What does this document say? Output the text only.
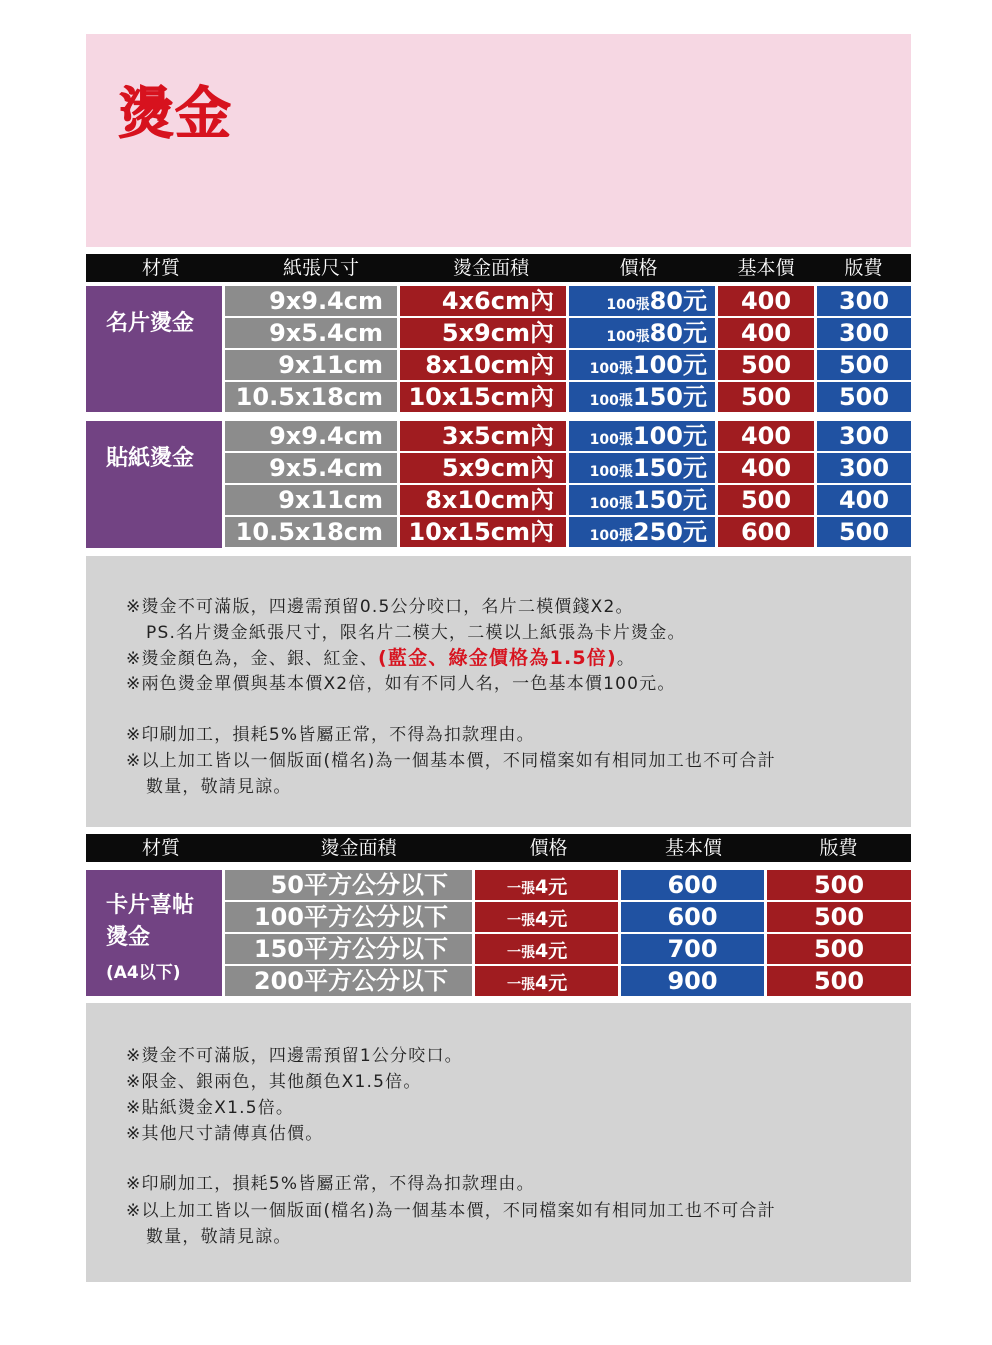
燙金
材質	紙張尺寸	燙金面積	價格	基本價	版費
名片燙金
9x9.4cm	4x6cm內	100張80元	400	300
9x5.4cm	5x9cm內	100張80元	400	300
9x11cm	8x10cm內	100張100元	500	500
10.5x18cm	10x15cm內	100張150元	500	500
貼紙燙金
9x9.4cm	3x5cm內	100張100元	400	300
9x5.4cm	5x9cm內	100張150元	400	300
9x11cm	8x10cm內	100張150元	500	400
10.5x18cm	10x15cm內	100張250元	600	500
※燙金不可滿版，四邊需預留0.5公分咬口，名片二模價錢X2。
PS.名片燙金紙張尺寸，限名片二模大，二模以上紙張為卡片燙金。
※燙金顏色為，金、銀、紅金、(藍金、綠金價格為1.5倍)。
※兩色燙金單價與基本價X2倍，如有不同人名，一色基本價100元。
※印刷加工，損耗5%皆屬正常，不得為扣款理由。
※以上加工皆以一個版面(檔名)為一個基本價，不同檔案如有相同加工也不可合計
數量，敬請見諒。
材質	燙金面積	價格	基本價	版費
卡片喜帖
燙金
(A4以下)
50平方公分以下	一張4元	600	500
100平方公分以下	一張4元	600	500
150平方公分以下	一張4元	700	500
200平方公分以下	一張4元	900	500
※燙金不可滿版，四邊需預留1公分咬口。
※限金、銀兩色，其他顏色X1.5倍。
※貼紙燙金X1.5倍。
※其他尺寸請傳真估價。
※印刷加工，損耗5%皆屬正常，不得為扣款理由。
※以上加工皆以一個版面(檔名)為一個基本價，不同檔案如有相同加工也不可合計
數量，敬請見諒。
